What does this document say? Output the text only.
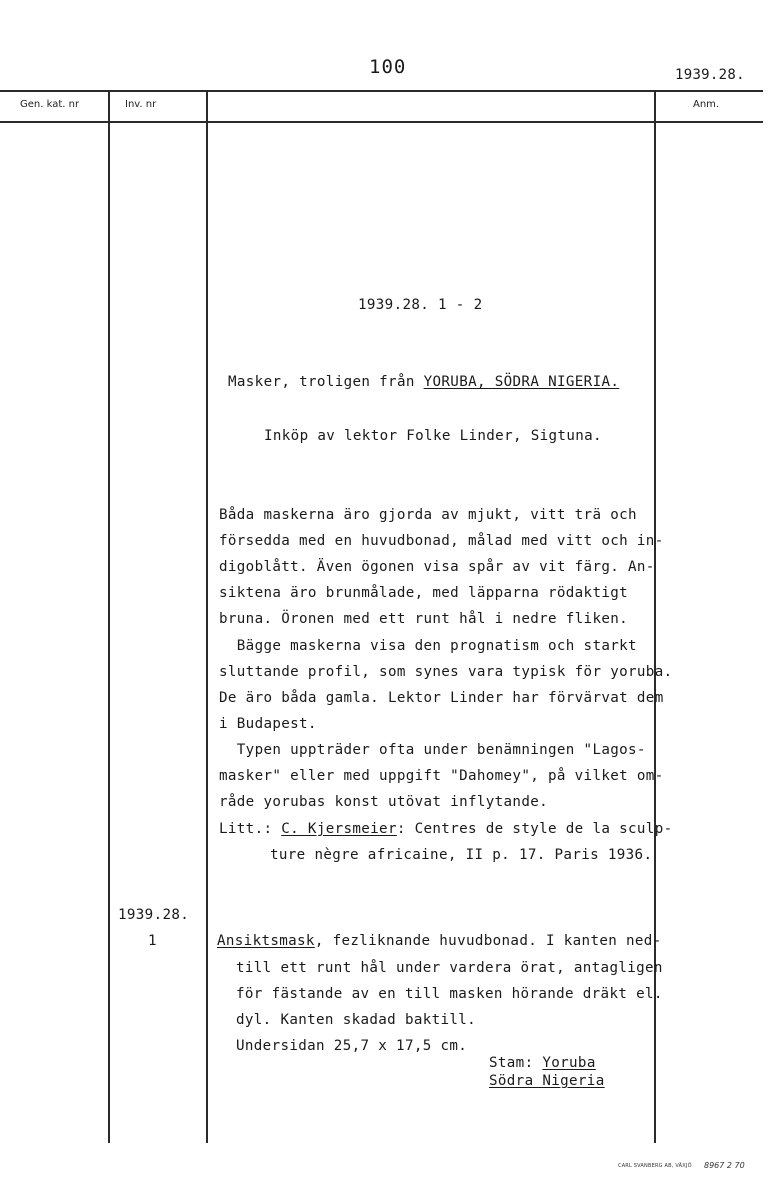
100	1939.28.
Gen. kat. nr	Inv. nr	Anm.
1939.28. 1 - 2
Masker, troligen från YORUBA, SÖDRA NIGERIA.
Inköp av lektor Folke Linder, Sigtuna.
Båda maskerna äro gjorda av mjukt, vitt trä och
försedda med en huvudbonad, målad med vitt och in-
digoblått. Även ögonen visa spår av vit färg. An-
siktena äro brunmålade, med läpparna rödaktigt
bruna. Öronen med ett runt hål i nedre fliken.
Bägge maskerna visa den prognatism och starkt
sluttande profil, som synes vara typisk för yoruba.
De äro båda gamla. Lektor Linder har förvärvat dem
i Budapest.
Typen uppträder ofta under benämningen "Lagos-
masker" eller med uppgift "Dahomey", på vilket om-
råde yorubas konst utövat inflytande.
Litt.: C. Kjersmeier: Centres de style de la sculp-
ture nègre africaine, II p. 17. Paris 1936.
1939.28.
1	Ansiktsmask, fezliknande huvudbonad. I kanten ned-
till ett runt hål under vardera örat, antagligen
för fästande av en till masken hörande dräkt el.
dyl. Kanten skadad baktill.
Undersidan 25,7 x 17,5 cm.
Stam: Yoruba
Södra Nigeria
CARL SVANBERG AB, VÄXJÖ 8967 2 70
